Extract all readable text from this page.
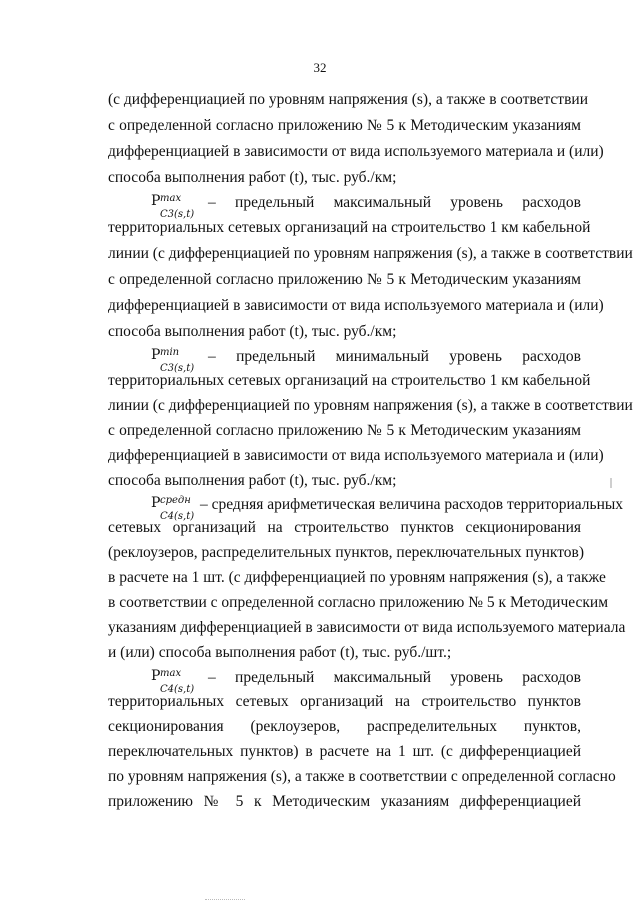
32
(с дифференциацией по уровням напряжения (s), а также в соответствии
с определенной согласно приложению № 5 к Методическим указаниям
дифференциацией в зависимости от вида используемого материала и (или)
способа выполнения работ (t), тыс. руб./км;
P max
C3(s,t)
– предельный максимальный уровень расходов
территориальных сетевых организаций на строительство 1 км кабельной
линии (с дифференциацией по уровням напряжения (s), а также в соответствии
с определенной согласно приложению № 5 к Методическим указаниям
дифференциацией в зависимости от вида используемого материала и (или)
способа выполнения работ (t), тыс. руб./км;
P min
C3(s,t)
– предельный минимальный уровень расходов
территориальных сетевых организаций на строительство 1 км кабельной
линии (с дифференциацией по уровням напряжения (s), а также в соответствии
с определенной согласно приложению № 5 к Методическим указаниям
дифференциацией в зависимости от вида используемого материала и (или)
способа выполнения работ (t), тыс. руб./км;
P средн
C4(s,t)
– средняя арифметическая величина расходов территориальных
сетевых организаций на строительство пунктов секционирования
(реклоузеров, распределительных пунктов, переключательных пунктов)
в расчете на 1 шт. (с дифференциацией по уровням напряжения (s), а также
в соответствии с определенной согласно приложению № 5 к Методическим
указаниям дифференциацией в зависимости от вида используемого материала
и (или) способа выполнения работ (t), тыс. руб./шт.;
P max
C4(s,t)
– предельный максимальный уровень расходов
территориальных сетевых организаций на строительство пунктов
секционирования (реклоузеров, распределительных пунктов,
переключательных пунктов) в расчете на 1 шт. (с дифференциацией
по уровням напряжения (s), а также в соответствии с определенной согласно
приложению № 5 к Методическим указаниям дифференциацией
